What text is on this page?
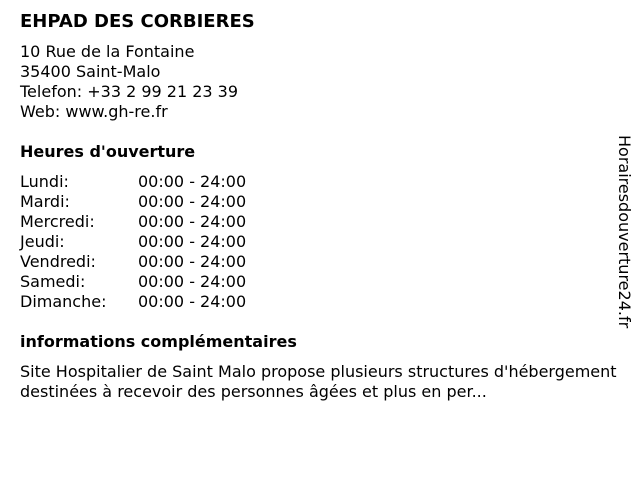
EHPAD DES CORBIERES
10 Rue de la Fontaine
35400 Saint-Malo
Telefon: +33 2 99 21 23 39
Web: www.gh-re.fr
Heures d'ouverture
Lundi:	00:00 - 24:00
Mardi:	00:00 - 24:00
Mercredi:	00:00 - 24:00
Jeudi:	00:00 - 24:00
Vendredi:	00:00 - 24:00
Samedi:	00:00 - 24:00
Dimanche:	00:00 - 24:00
informations complémentaires
Site Hospitalier de Saint Malo propose plusieurs structures d'hébergement destinées à recevoir des personnes âgées et plus en per...
Horairesdouverture24.fr
